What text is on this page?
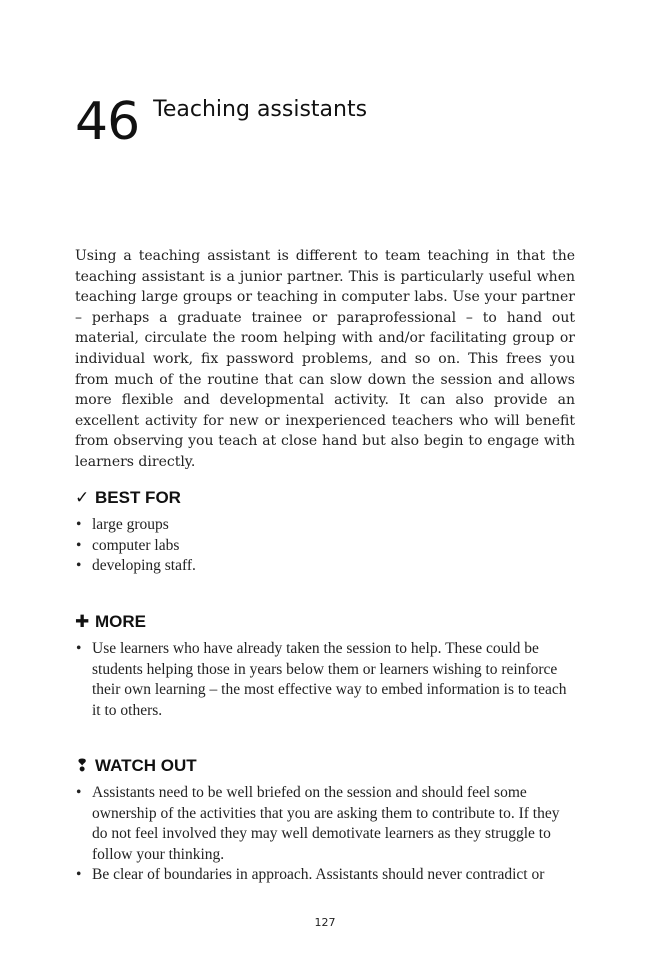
46 Teaching assistants

Using a teaching assistant is different to team teaching in that the teaching assistant is a junior partner. This is particularly useful when teaching large groups or teaching in computer labs. Use your partner – perhaps a graduate trainee or paraprofessional – to hand out material, circulate the room helping with and/or facilitating group or individual work, fix password problems, and so on. This frees you from much of the routine that can slow down the session and allows more flexible and developmental activity. It can also provide an excellent activity for new or inexperienced teachers who will benefit from observing you teach at close hand but also begin to engage with learners directly.

✓ BEST FOR
• large groups
• computer labs
• developing staff.
✚ MORE
• Use learners who have already taken the session to help. These could be students helping those in years below them or learners wishing to reinforce their own learning – the most effective way to embed information is to teach it to others.
❢ WATCH OUT
• Assistants need to be well briefed on the session and should feel some ownership of the activities that you are asking them to contribute to. If they do not feel involved they may well demotivate learners as they struggle to follow your thinking.
• Be clear of boundaries in approach. Assistants should never contradict or
127
